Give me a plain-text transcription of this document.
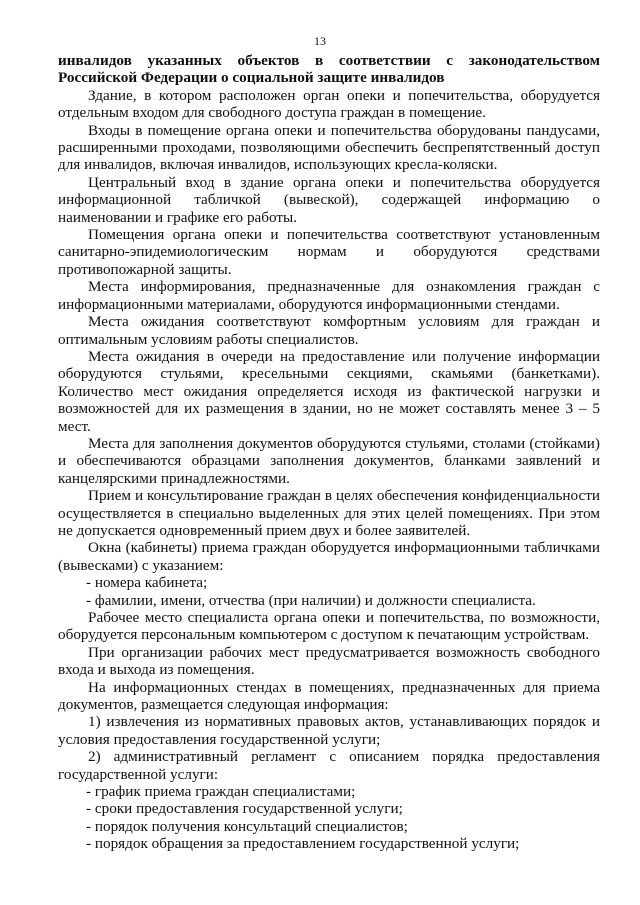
13

инвалидов указанных объектов в соответствии с законодательством Российской Федерации о социальной защите инвалидов

Здание, в котором расположен орган опеки и попечительства, оборудуется отдельным входом для свободного доступа граждан в помещение.

Входы в помещение органа опеки и попечительства оборудованы пандусами, расширенными проходами, позволяющими обеспечить беспрепятственный доступ для инвалидов, включая инвалидов, использующих кресла-коляски.

Центральный вход в здание органа опеки и попечительства оборудуется информационной табличкой (вывеской), содержащей информацию о наименовании и графике его работы.

Помещения органа опеки и попечительства соответствуют установленным санитарно-эпидемиологическим нормам и оборудуются средствами противопожарной защиты.

Места информирования, предназначенные для ознакомления граждан с информационными материалами, оборудуются информационными стендами.

Места ожидания соответствуют комфортным условиям для граждан и оптимальным условиям работы специалистов.

Места ожидания в очереди на предоставление или получение информации оборудуются стульями, кресельными секциями, скамьями (банкетками). Количество мест ожидания определяется исходя из фактической нагрузки и возможностей для их размещения в здании, но не может составлять менее 3 – 5 мест.

Места для заполнения документов оборудуются стульями, столами (стойками) и обеспечиваются образцами заполнения документов, бланками заявлений и канцелярскими принадлежностями.

Прием и консультирование граждан в целях обеспечения конфиденциальности осуществляется в специально выделенных для этих целей помещениях. При этом не допускается одновременный прием двух и более заявителей.

Окна (кабинеты) приема граждан оборудуется информационными табличками (вывесками) с указанием:

- номера кабинета;

- фамилии, имени, отчества (при наличии) и должности специалиста.

Рабочее место специалиста органа опеки и попечительства, по возможности, оборудуется персональным компьютером с доступом к печатающим устройствам.

При организации рабочих мест предусматривается возможность свободного входа и выхода из помещения.

На информационных стендах в помещениях, предназначенных для приема документов, размещается следующая информация:

1) извлечения из нормативных правовых актов, устанавливающих порядок и условия предоставления государственной услуги;

2) административный регламент с описанием порядка предоставления государственной услуги:

- график приема граждан специалистами;

- сроки предоставления государственной услуги;

- порядок получения консультаций специалистов;

- порядок обращения за предоставлением государственной услуги;
